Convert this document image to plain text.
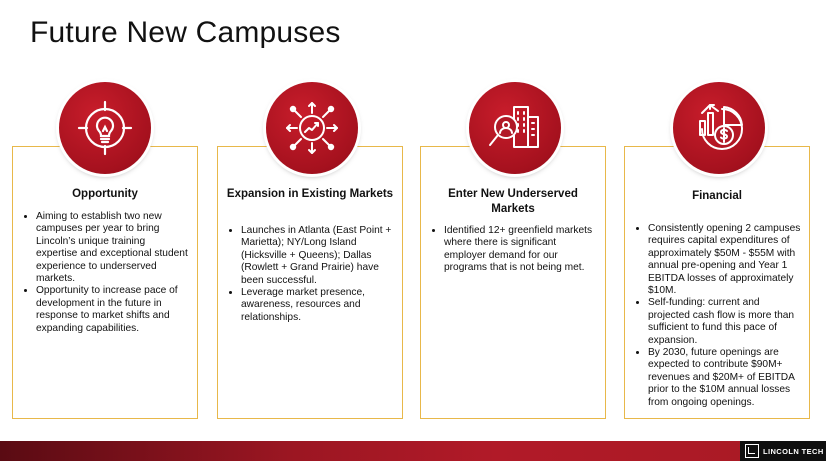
Future New Campuses
Opportunity
• Aiming to establish two new campuses per year to bring Lincoln’s unique training expertise and exceptional student experience to underserved markets.
• Opportunity to increase pace of development in the future in response to market shifts and expanding capabilities.
Expansion in Existing Markets
• Launches in Atlanta (East Point + Marietta); NY/Long Island (Hicksville + Queens); Dallas (Rowlett + Grand Prairie) have been successful.
• Leverage market presence, awareness, resources and relationships.
Enter New Underserved Markets
• Identified 12+ greenfield markets where there is significant employer demand for our programs that is not being met.
Financial
• Consistently opening 2 campuses requires capital expenditures of approximately $50M - $55M with annual pre-opening and Year 1 EBITDA losses of approximately $10M.
• Self-funding: current and projected cash flow is more than sufficient to fund this pace of expansion.
• By 2030, future openings are expected to contribute $90M+ revenues and $20M+ of EBITDA prior to the $10M annual losses from ongoing openings.
LINCOLN TECH
